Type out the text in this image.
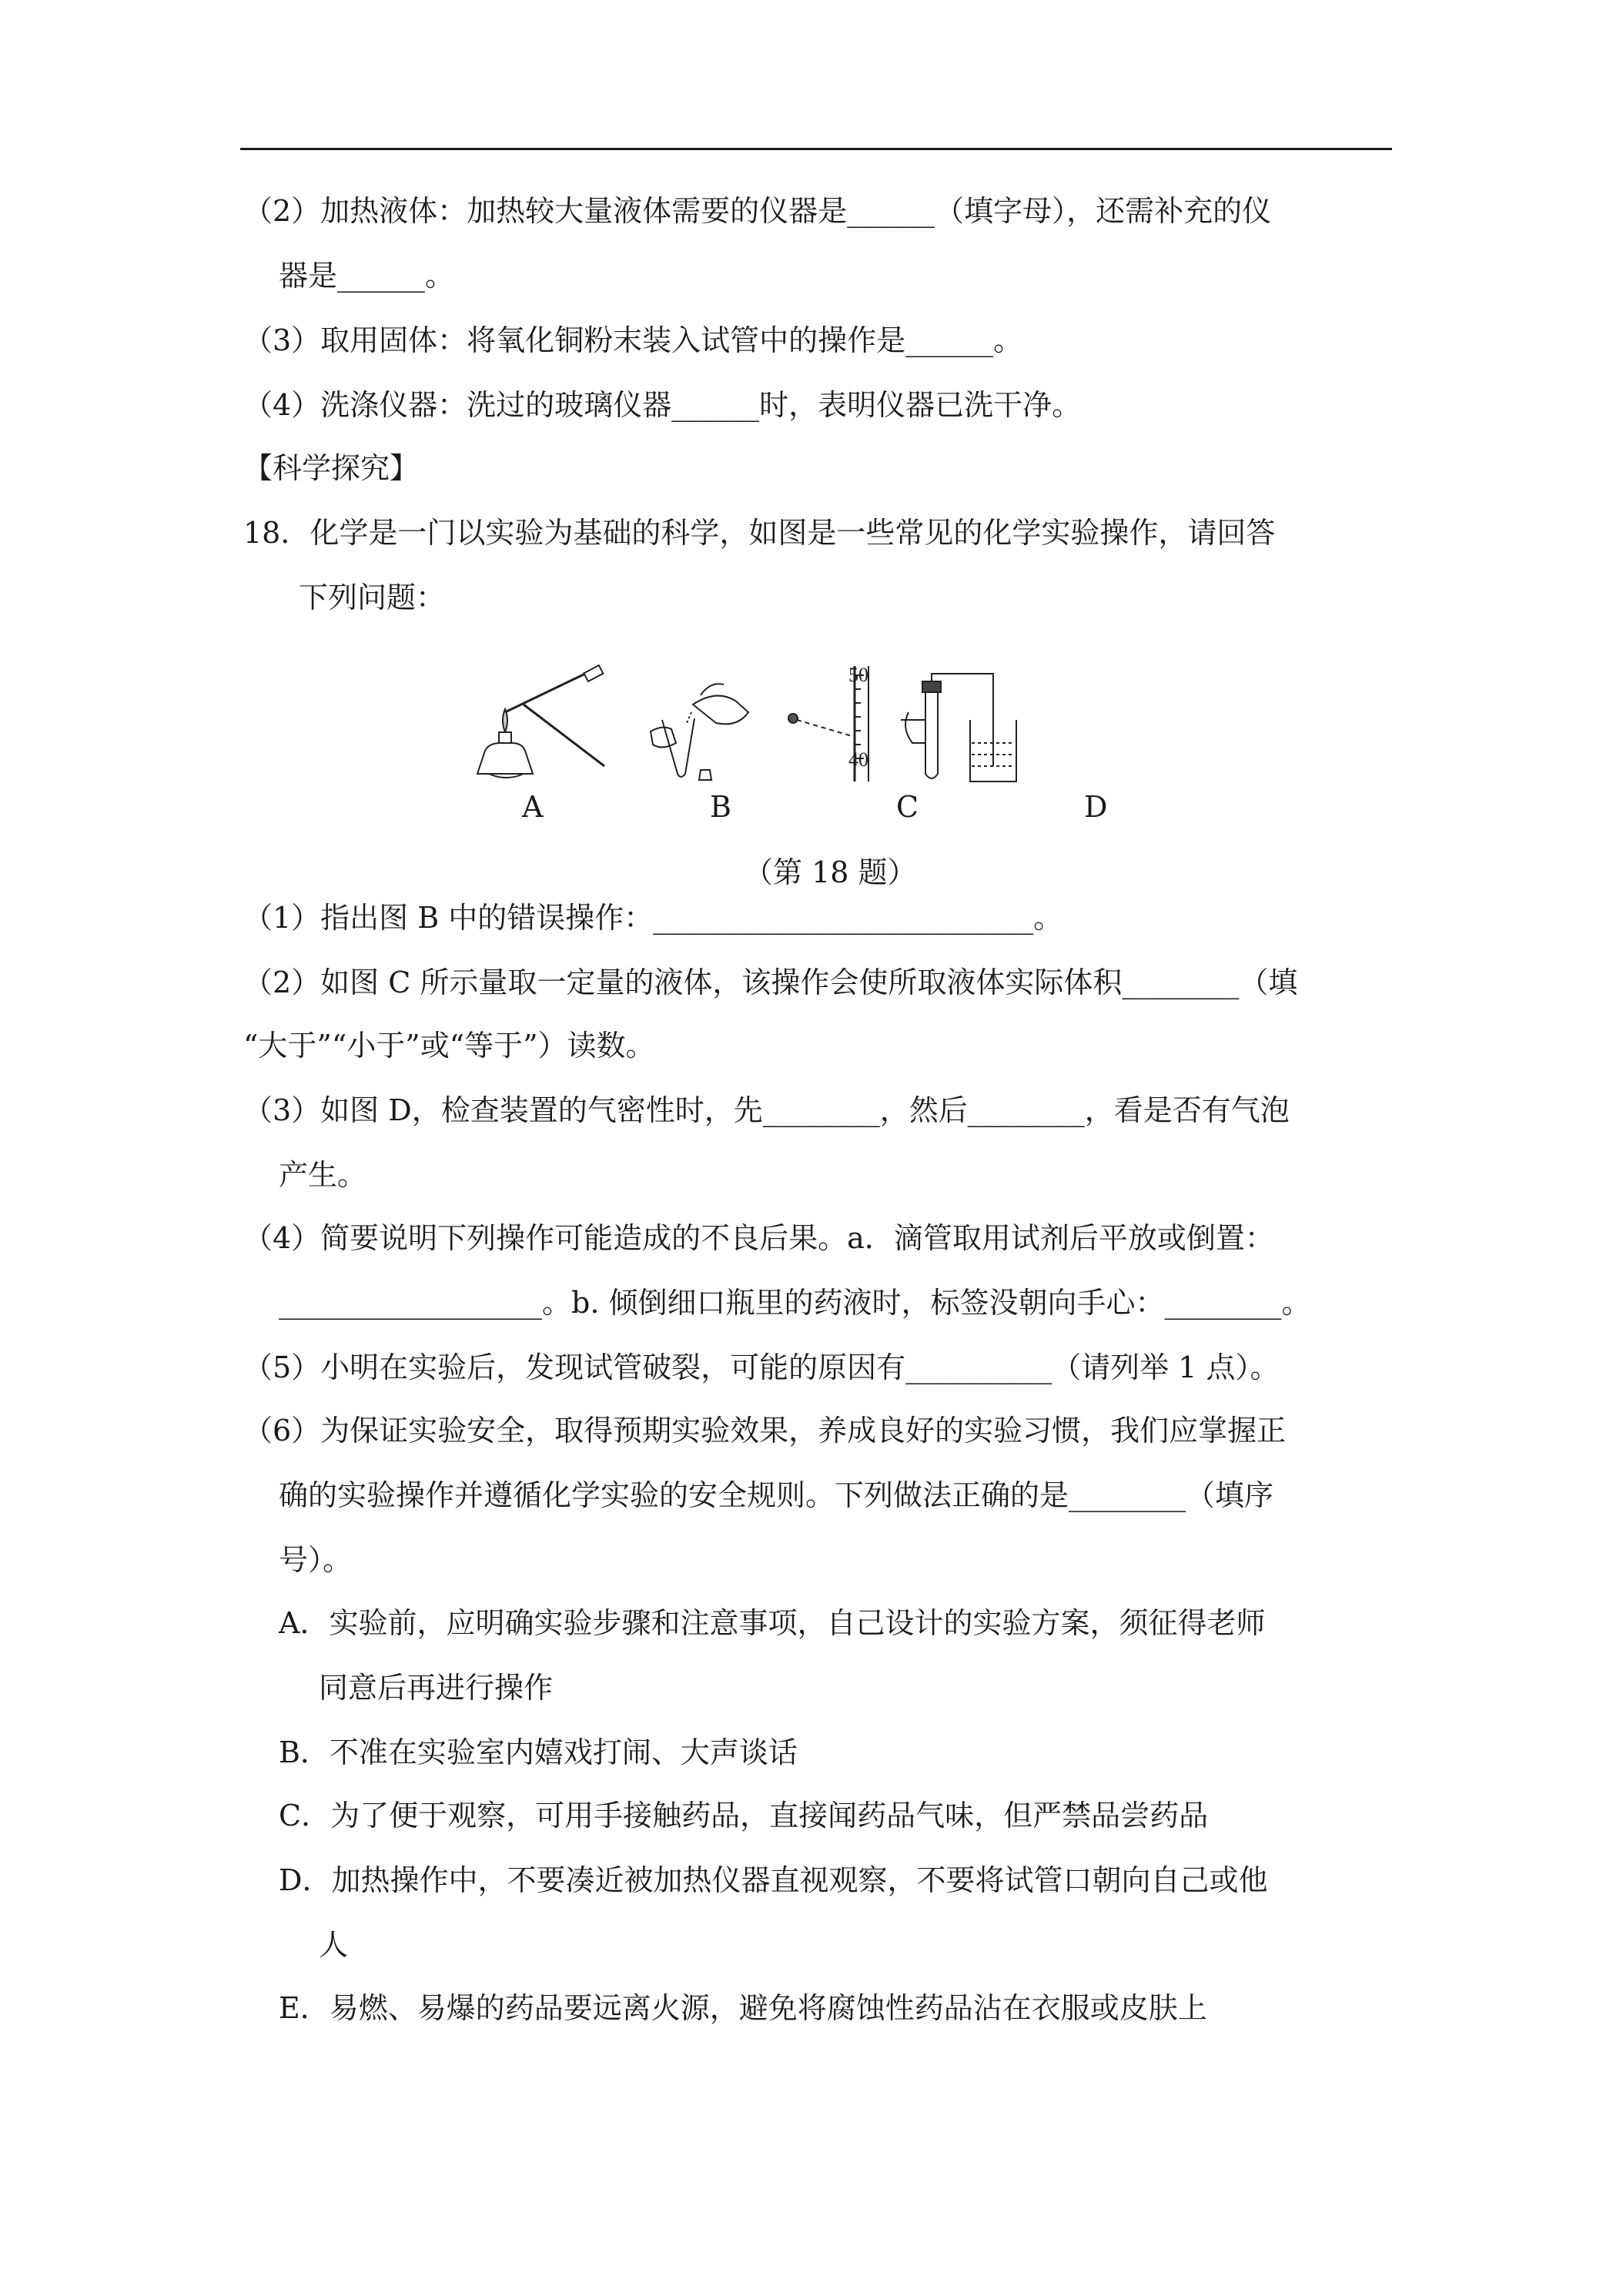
（2）加热液体：加热较大量液体需要的仪器是______（填字母），还需补充的仪
器是______。
（3）取用固体：将氧化铜粉末装入试管中的操作是______。
（4）洗涤仪器：洗过的玻璃仪器______时，表明仪器已洗干净。
【科学探究】
18．化学是一门以实验为基础的科学，如图是一些常见的化学实验操作，请回答
下列问题：
（1）指出图 B 中的错误操作：__________________________。
（2）如图 C 所示量取一定量的液体，该操作会使所取液体实际体积________（填
“大于”“小于”或“等于”）读数。
（3）如图 D，检查装置的气密性时，先________，然后________，看是否有气泡
产生。
（4）简要说明下列操作可能造成的不良后果。a．滴管取用试剂后平放或倒置：
__________________。b. 倾倒细口瓶里的药液时，标签没朝向手心：________。
（5）小明在实验后，发现试管破裂，可能的原因有__________（请列举 1 点）。
（6）为保证实验安全，取得预期实验效果，养成良好的实验习惯，我们应掌握正
确的实验操作并遵循化学实验的安全规则。下列做法正确的是________（填序
号）。
A．实验前，应明确实验步骤和注意事项，自己设计的实验方案，须征得老师
同意后再进行操作
B．不准在实验室内嬉戏打闹、大声谈话
C．为了便于观察，可用手接触药品，直接闻药品气味，但严禁品尝药品
D．加热操作中，不要凑近被加热仪器直视观察，不要将试管口朝向自己或他
人
E．易燃、易爆的药品要远离火源，避免将腐蚀性药品沾在衣服或皮肤上
50
40
A	B	C	D
（第 18 题）
